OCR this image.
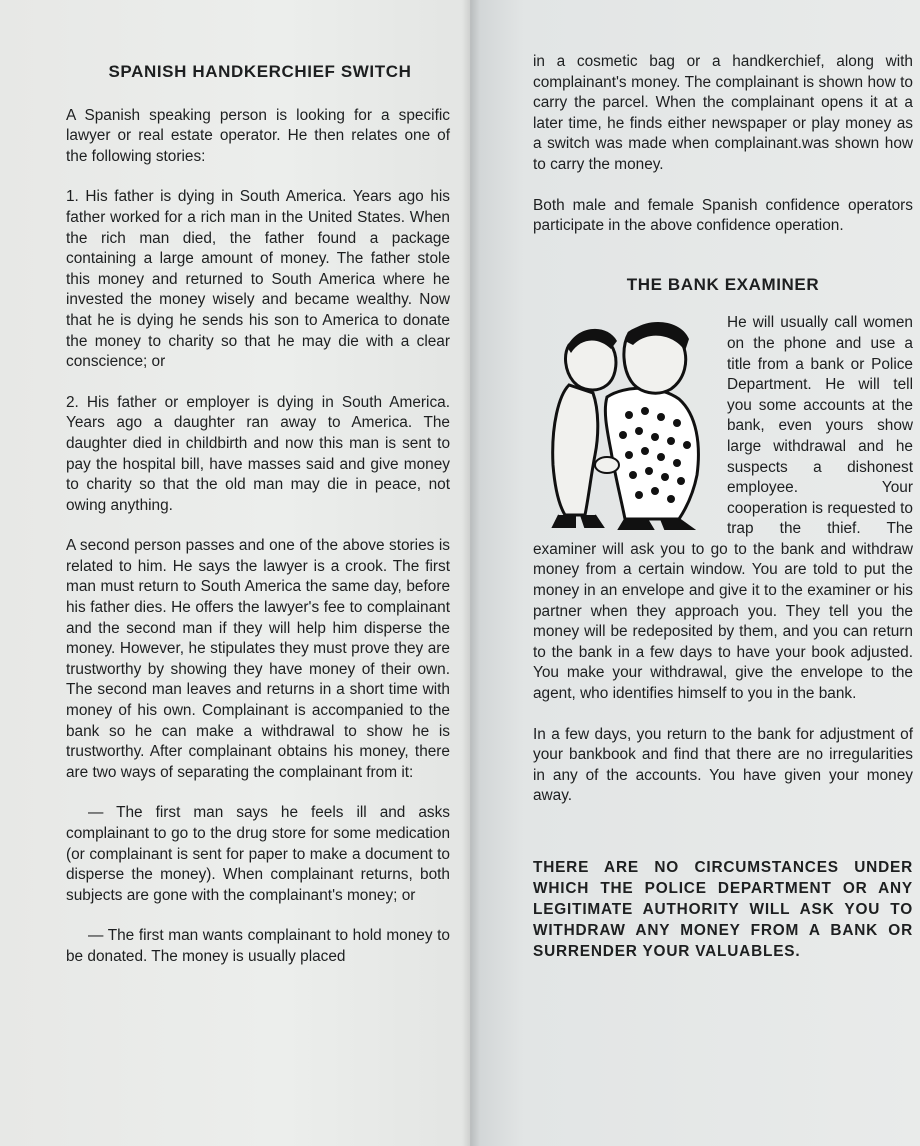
SPANISH HANDKERCHIEF SWITCH

A Spanish speaking person is looking for a specific lawyer or real estate operator. He then relates one of the following stories:

1. His father is dying in South America. Years ago his father worked for a rich man in the United States. When the rich man died, the father found a package containing a large amount of money. The father stole this money and returned to South America where he invested the money wisely and became wealthy. Now that he is dying he sends his son to America to donate the money to charity so that he may die with a clear conscience; or

2. His father or employer is dying in South America. Years ago a daughter ran away to America. The daughter died in childbirth and now this man is sent to pay the hospital bill, have masses said and give money to charity so that the old man may die in peace, not owing anything.

A second person passes and one of the above stories is related to him. He says the lawyer is a crook. The first man must return to South America the same day, before his father dies. He offers the lawyer's fee to complainant and the second man if they will help him disperse the money. However, he stipulates they must prove they are trustworthy by showing they have money of their own. The second man leaves and returns in a short time with money of his own. Complainant is accompanied to the bank so he can make a withdrawal to show he is trustworthy. After complainant obtains his money, there are two ways of separating the complainant from it:

— The first man says he feels ill and asks complainant to go to the drug store for some medication (or complainant is sent for paper to make a document to disperse the money). When complainant returns, both subjects are gone with the complainant's money; or

— The first man wants complainant to hold money to be donated. The money is usually placed

in a cosmetic bag or a handkerchief, along with complainant's money. The complainant is shown how to carry the parcel. When the complainant opens it at a later time, he finds either newspaper or play money as a switch was made when complainant.was shown how to carry the money.

Both male and female Spanish confidence operators participate in the above confidence operation.

THE BANK EXAMINER

He will usually call women on the phone and use a title from a bank or Police Department. He will tell you some accounts at the bank, even yours show large withdrawal and he suspects a dishonest employee. Your cooperation is requested to trap the thief. The examiner will ask you to go to the bank and withdraw money from a certain window. You are told to put the money in an envelope and give it to the examiner or his partner when they approach you. They tell you the money will be redeposited by them, and you can return to the bank in a few days to have your book adjusted. You make your withdrawal, give the envelope to the agent, who identifies himself to you in the bank.

In a few days, you return to the bank for adjustment of your bankbook and find that there are no irregularities in any of the accounts. You have given your money away.

THERE ARE NO CIRCUMSTANCES UNDER WHICH THE POLICE DEPARTMENT OR ANY LEGITIMATE AUTHORITY WILL ASK YOU TO WITHDRAW ANY MONEY FROM A BANK OR SURRENDER YOUR VALUABLES.
